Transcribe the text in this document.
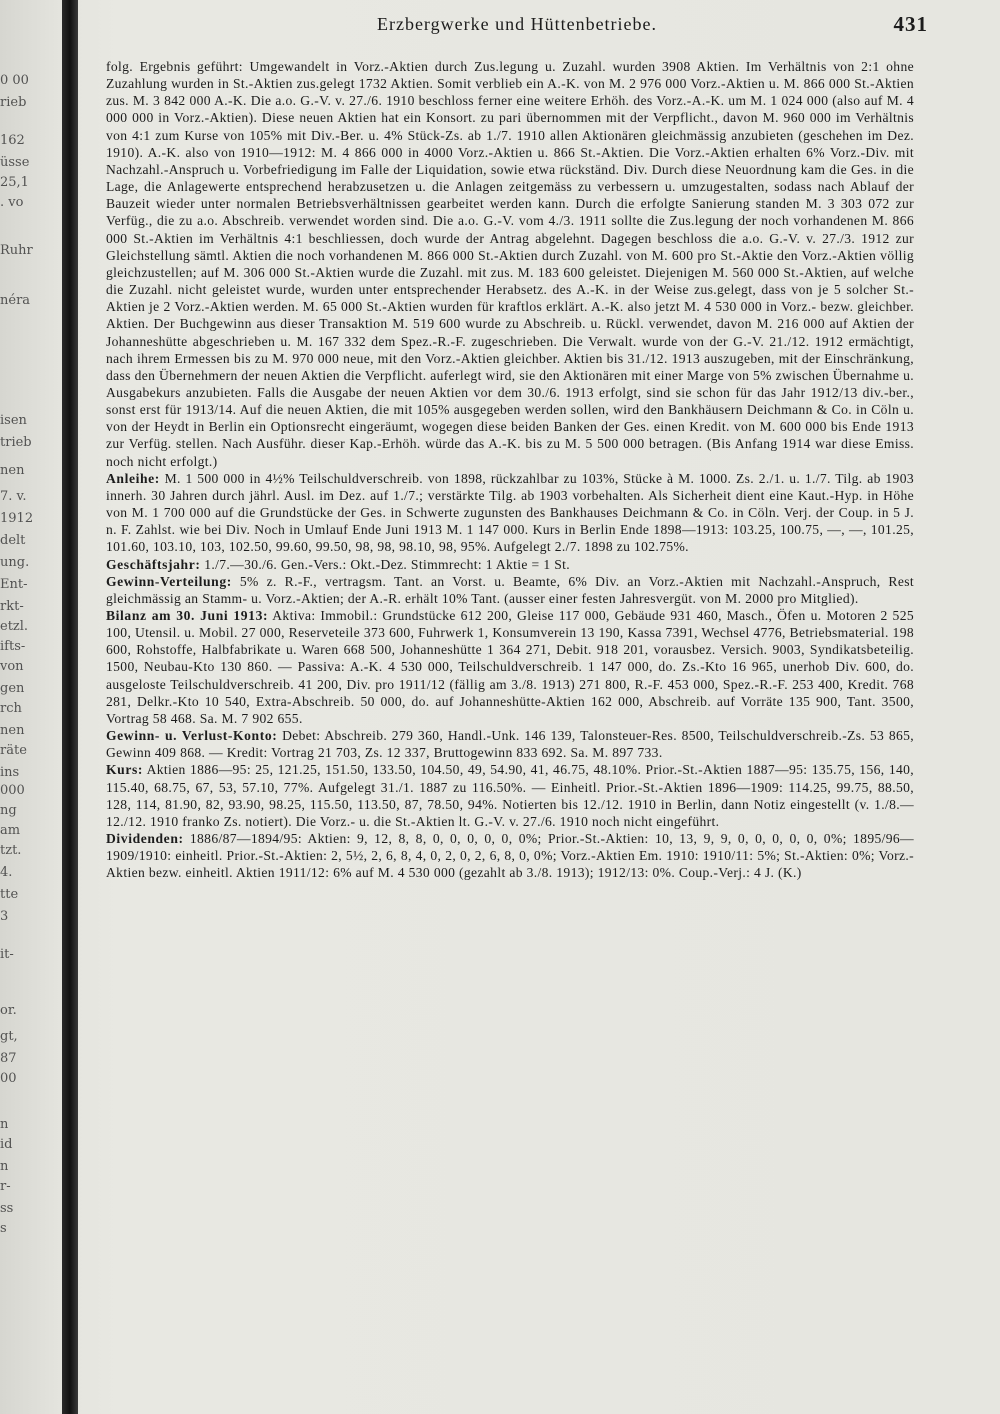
0 00
rieb
162
üsse
25,1
. vo
Ruhr
néra
isen
trieb
nen
7. v.
1912
delt
ung.
Ent-
rkt-
etzl.
ifts-
von
gen
rch
nen
räte
ins
000
ng
am
tzt.
4.
tte
3
it-
or.
gt,
87
00
n
id
n
r-
ss
s
Erzbergwerke und Hüttenbetriebe.	431

folg. Ergebnis geführt: Umgewandelt in Vorz.-Aktien durch Zus.legung u. Zuzahl. wurden 3908 Aktien. Im Verhältnis von 2:1 ohne Zuzahlung wurden in St.-Aktien zus.gelegt 1732 Aktien. Somit verblieb ein A.-K. von M. 2 976 000 Vorz.-Aktien u. M. 866 000 St.-Aktien zus. M. 3 842 000 A.-K. Die a.o. G.-V. v. 27./6. 1910 beschloss ferner eine weitere Erhöh. des Vorz.-A.-K. um M. 1 024 000 (also auf M. 4 000 000 in Vorz.-Aktien). Diese neuen Aktien hat ein Konsort. zu pari übernommen mit der Verpflicht., davon M. 960 000 im Verhältnis von 4:1 zum Kurse von 105% mit Div.-Ber. u. 4% Stück-Zs. ab 1./7. 1910 allen Aktionären gleichmässig anzubieten (geschehen im Dez. 1910). A.-K. also von 1910—1912: M. 4 866 000 in 4000 Vorz.-Aktien u. 866 St.-Aktien. Die Vorz.-Aktien erhalten 6% Vorz.-Div. mit Nachzahl.-Anspruch u. Vorbefriedigung im Falle der Liquidation, sowie etwa rückständ. Div. Durch diese Neuordnung kam die Ges. in die Lage, die Anlagewerte entsprechend herabzusetzen u. die Anlagen zeitgemäss zu verbessern u. umzugestalten, sodass nach Ablauf der Bauzeit wieder unter normalen Betriebsverhältnissen gearbeitet werden kann. Durch die erfolgte Sanierung standen M. 3 303 072 zur Verfüg., die zu a.o. Abschreib. verwendet worden sind. Die a.o. G.-V. vom 4./3. 1911 sollte die Zus.legung der noch vorhandenen M. 866 000 St.-Aktien im Verhältnis 4:1 beschliessen, doch wurde der Antrag abgelehnt. Dagegen beschloss die a.o. G.-V. v. 27./3. 1912 zur Gleichstellung sämtl. Aktien die noch vorhandenen M. 866 000 St.-Aktien durch Zuzahl. von M. 600 pro St.-Aktie den Vorz.-Aktien völlig gleichzustellen; auf M. 306 000 St.-Aktien wurde die Zuzahl. mit zus. M. 183 600 geleistet. Diejenigen M. 560 000 St.-Aktien, auf welche die Zuzahl. nicht geleistet wurde, wurden unter entsprechender Herabsetz. des A.-K. in der Weise zus.gelegt, dass von je 5 solcher St.-Aktien je 2 Vorz.-Aktien werden. M. 65 000 St.-Aktien wurden für kraftlos erklärt. A.-K. also jetzt M. 4 530 000 in Vorz.- bezw. gleichber. Aktien. Der Buchgewinn aus dieser Transaktion M. 519 600 wurde zu Abschreib. u. Rückl. verwendet, davon M. 216 000 auf Aktien der Johanneshütte abgeschrieben u. M. 167 332 dem Spez.-R.-F. zugeschrieben. Die Verwalt. wurde von der G.-V. 21./12. 1912 ermächtigt, nach ihrem Ermessen bis zu M. 970 000 neue, mit den Vorz.-Aktien gleichber. Aktien bis 31./12. 1913 auszugeben, mit der Einschränkung, dass den Übernehmern der neuen Aktien die Verpflicht. auferlegt wird, sie den Aktionären mit einer Marge von 5% zwischen Übernahme u. Ausgabekurs anzubieten. Falls die Ausgabe der neuen Aktien vor dem 30./6. 1913 erfolgt, sind sie schon für das Jahr 1912/13 div.-ber., sonst erst für 1913/14. Auf die neuen Aktien, die mit 105% ausgegeben werden sollen, wird den Bankhäusern Deichmann & Co. in Cöln u. von der Heydt in Berlin ein Optionsrecht eingeräumt, wogegen diese beiden Banken der Ges. einen Kredit. von M. 600 000 bis Ende 1913 zur Verfüg. stellen. Nach Ausführ. dieser Kap.-Erhöh. würde das A.-K. bis zu M. 5 500 000 betragen. (Bis Anfang 1914 war diese Emiss. noch nicht erfolgt.)

Anleihe: M. 1 500 000 in 4½% Teilschuldverschreib. von 1898, rückzahlbar zu 103%, Stücke à M. 1000. Zs. 2./1. u. 1./7. Tilg. ab 1903 innerh. 30 Jahren durch jährl. Ausl. im Dez. auf 1./7.; verstärkte Tilg. ab 1903 vorbehalten. Als Sicherheit dient eine Kaut.-Hyp. in Höhe von M. 1 700 000 auf die Grundstücke der Ges. in Schwerte zugunsten des Bankhauses Deichmann & Co. in Cöln. Verj. der Coup. in 5 J. n. F. Zahlst. wie bei Div. Noch in Umlauf Ende Juni 1913 M. 1 147 000. Kurs in Berlin Ende 1898—1913: 103.25, 100.75, —, —, 101.25, 101.60, 103.10, 103, 102.50, 99.60, 99.50, 98, 98, 98.10, 98, 95%. Aufgelegt 2./7. 1898 zu 102.75%.

Geschäftsjahr: 1./7.—30./6. Gen.-Vers.: Okt.-Dez. Stimmrecht: 1 Aktie = 1 St.

Gewinn-Verteilung: 5% z. R.-F., vertragsm. Tant. an Vorst. u. Beamte, 6% Div. an Vorz.-Aktien mit Nachzahl.-Anspruch, Rest gleichmässig an Stamm- u. Vorz.-Aktien; der A.-R. erhält 10% Tant. (ausser einer festen Jahresvergüt. von M. 2000 pro Mitglied).

Bilanz am 30. Juni 1913: Aktiva: Immobil.: Grundstücke 612 200, Gleise 117 000, Gebäude 931 460, Masch., Öfen u. Motoren 2 525 100, Utensil. u. Mobil. 27 000, Reserveteile 373 600, Fuhrwerk 1, Konsumverein 13 190, Kassa 7391, Wechsel 4776, Betriebsmaterial. 198 600, Rohstoffe, Halbfabrikate u. Waren 668 500, Johanneshütte 1 364 271, Debit. 918 201, vorausbez. Versich. 9003, Syndikatsbeteilig. 1500, Neubau-Kto 130 860. — Passiva: A.-K. 4 530 000, Teilschuldverschreib. 1 147 000, do. Zs.-Kto 16 965, unerhob Div. 600, do. ausgeloste Teilschuldverschreib. 41 200, Div. pro 1911/12 (fällig am 3./8. 1913) 271 800, R.-F. 453 000, Spez.-R.-F. 253 400, Kredit. 768 281, Delkr.-Kto 10 540, Extra-Abschreib. 50 000, do. auf Johanneshütte-Aktien 162 000, Abschreib. auf Vorräte 135 900, Tant. 3500, Vortrag 58 468. Sa. M. 7 902 655.

Gewinn- u. Verlust-Konto: Debet: Abschreib. 279 360, Handl.-Unk. 146 139, Talonsteuer-Res. 8500, Teilschuldverschreib.-Zs. 53 865, Gewinn 409 868. — Kredit: Vortrag 21 703, Zs. 12 337, Bruttogewinn 833 692. Sa. M. 897 733.

Kurs: Aktien 1886—95: 25, 121.25, 151.50, 133.50, 104.50, 49, 54.90, 41, 46.75, 48.10%. Prior.-St.-Aktien 1887—95: 135.75, 156, 140, 115.40, 68.75, 67, 53, 57.10, 77%. Aufgelegt 31./1. 1887 zu 116.50%. — Einheitl. Prior.-St.-Aktien 1896—1909: 114.25, 99.75, 88.50, 128, 114, 81.90, 82, 93.90, 98.25, 115.50, 113.50, 87, 78.50, 94%. Notierten bis 12./12. 1910 in Berlin, dann Notiz eingestellt (v. 1./8.—12./12. 1910 franko Zs. notiert). Die Vorz.- u. die St.-Aktien lt. G.-V. v. 27./6. 1910 noch nicht eingeführt.

Dividenden: 1886/87—1894/95: Aktien: 9, 12, 8, 8, 0, 0, 0, 0, 0, 0%; Prior.-St.-Aktien: 10, 13, 9, 9, 0, 0, 0, 0, 0, 0%; 1895/96—1909/1910: einheitl. Prior.-St.-Aktien: 2, 5½, 2, 6, 8, 4, 0, 2, 0, 2, 6, 8, 0, 0%; Vorz.-Aktien Em. 1910: 1910/11: 5%; St.-Aktien: 0%; Vorz.-Aktien bezw. einheitl. Aktien 1911/12: 6% auf M. 4 530 000 (gezahlt ab 3./8. 1913); 1912/13: 0%. Coup.-Verj.: 4 J. (K.)
